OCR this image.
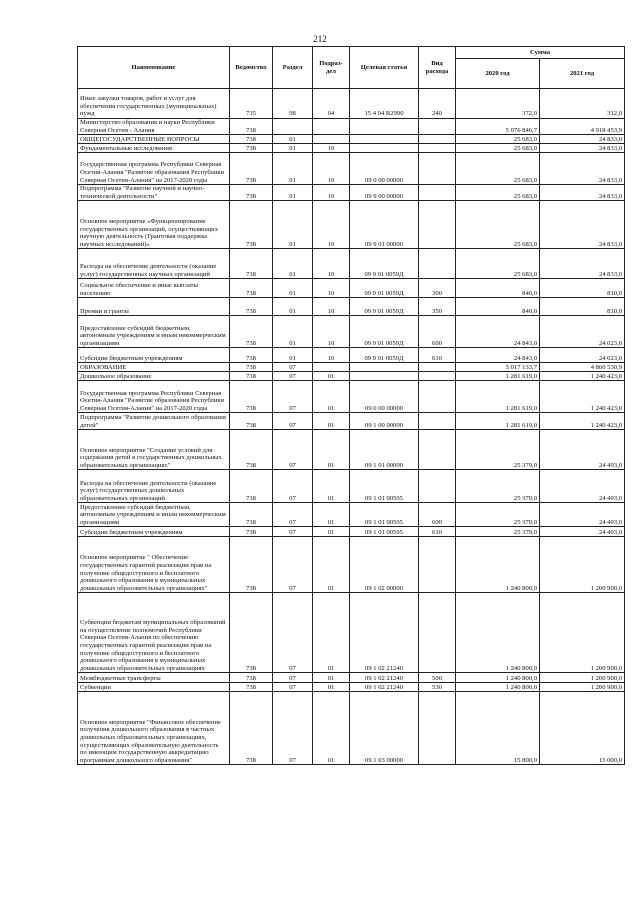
212
Наименование	Ведомство	Раздел	Подраз-дел	Целевая статья	Вид расхода	Сумма	
						2020 год	2021 год
Иные закупки товаров, работ и услуг для обеспечения государственных (муниципальных) нужд	735	08	04	15 4 04 R2990	240	372,0	312,0
Министерство образования и науки Республики Северная Осетия - Алания	738					5 076 846,7	4 918 453,9
ОБЩЕГОСУДАРСТВЕННЫЕ ВОПРОСЫ	738	01				25 683,0	24 833,0
Фундаментальные исследования	738	01	10			25 683,0	24 833,0
Государственная программа Республики Северная Осетия-Алания "Развитие образования Республики Северная Осетия-Алания" на 2017-2020 годы	738	01	10	09 0 00 00000		25 683,0	24 833,0
Подпрограмма "Развитие научной и научно-технической деятельности"	738	01	10	09 9 00 00000		25 683,0	24 833,0
Основное мероприятие «Функционирование государственных организаций, осуществляющих научную деятельность (Грантовая поддержка научных исследований)»	738	01	10	09 9 01 00000		25 683,0	24 833,0
Расходы на обеспечение деятельности (оказание услуг) государственных научных организаций	738	01	10	09 9 01 0059Д		25 683,0	24 833,0
Социальное обеспечение и иные выплаты населению	738	01	10	09 9 01 0059Д	300	840,0	810,0
Премии и гранты	738	01	10	09 9 01 0059Д	350	840,0	810,0
Предоставление субсидий бюджетным, автономным учреждениям и иным некоммерческим организациям	738	01	10	09 9 01 0059Д	600	24 843,0	24 023,0
Субсидии бюджетным учреждениям	738	01	10	09 9 01 0059Д	610	24 843,0	24 023,0
ОБРАЗОВАНИЕ	738	07				5 017 133,7	4 860 530,9
Дошкольное образование	738	07	01			1 281 619,0	1 240 423,0
Государственная программа Республики Северная Осетия-Алания "Развитие образования Республики Северная Осетия-Алания" на 2017-2020 годы	738	07	01	09 0 00 00000		1 281 619,0	1 240 423,0
Подпрограмма "Развитие дошкольного образования детей"	738	07	01	09 1 00 00000		1 281 619,0	1 240 423,0
Основное мероприятие "Создание условий для содержания детей в государственных дошкольных образовательных организациях"	738	07	01	09 1 01 00000		25 379,0	24 493,0
Расходы на обеспечение деятельности (оказание услуг) государственных дошкольных образовательных организаций	738	07	01	09 1 01 00595		25 379,0	24 493,0
Предоставление субсидий бюджетным, автономным учреждениям и иным некоммерческим организациям	738	07	01	09 1 01 00595	600	25 379,0	24 493,0
Субсидии бюджетным учреждениям	738	07	01	09 1 01 00595	610	25 379,0	24 493,0
Основное мероприятие " Обеспечение государственных гарантий реализации прав на получение общедоступного и бесплатного дошкольного образования в муниципальных дошкольных образовательных организациях"	738	07	01	09 1 02 00000		1 240 800,0	1 200 900,0
Субвенции бюджетам муниципальных образований на осуществление полномочий Республики Северная Осетия-Алания по обеспечению государственных гарантий реализации прав на получение общедоступного и бесплатного дошкольного образования в муниципальных дошкольных образовательных организациях	738	07	01	09 1 02 21240		1 240 800,0	1 200 900,0
Межбюджетные трансферты	738	07	01	09 1 02 21240	500	1 240 800,0	1 200 900,0
Субвенции	738	07	01	09 1 02 21240	530	1 240 800,0	1 200 900,0
Основное мероприятие "Финансовое обеспечение получения дошкольного образования в частных дошкольных образовательных организациях, осуществляющих образовательную деятельность по имеющим государственную аккредитацию программам дошкольного образования"	738	07	01	09 1 03 00000		15 800,0	15 000,0
